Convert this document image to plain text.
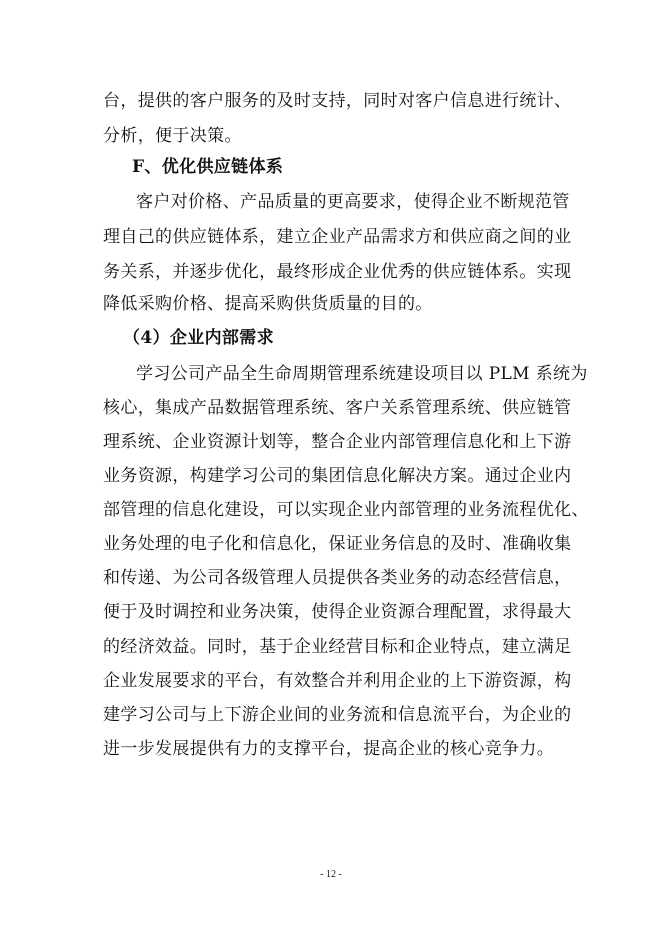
台，提供的客户服务的及时支持，同时对客户信息进行统计、
分析，便于决策。
F、优化供应链体系
客户对价格、产品质量的更高要求，使得企业不断规范管
理自己的供应链体系，建立企业产品需求方和供应商之间的业
务关系，并逐步优化，最终形成企业优秀的供应链体系。实现
降低采购价格、提高采购供货质量的目的。
（4）企业内部需求
学习公司产品全生命周期管理系统建设项目以 PLM 系统为
核心，集成产品数据管理系统、客户关系管理系统、供应链管
理系统、企业资源计划等，整合企业内部管理信息化和上下游
业务资源，构建学习公司的集团信息化解决方案。通过企业内
部管理的信息化建设，可以实现企业内部管理的业务流程优化、
业务处理的电子化和信息化，保证业务信息的及时、准确收集
和传递、为公司各级管理人员提供各类业务的动态经营信息，
便于及时调控和业务决策，使得企业资源合理配置，求得最大
的经济效益。同时，基于企业经营目标和企业特点，建立满足
企业发展要求的平台，有效整合并利用企业的上下游资源，构
建学习公司与上下游企业间的业务流和信息流平台，为企业的
进一步发展提供有力的支撑平台，提高企业的核心竞争力。
- 12 -
